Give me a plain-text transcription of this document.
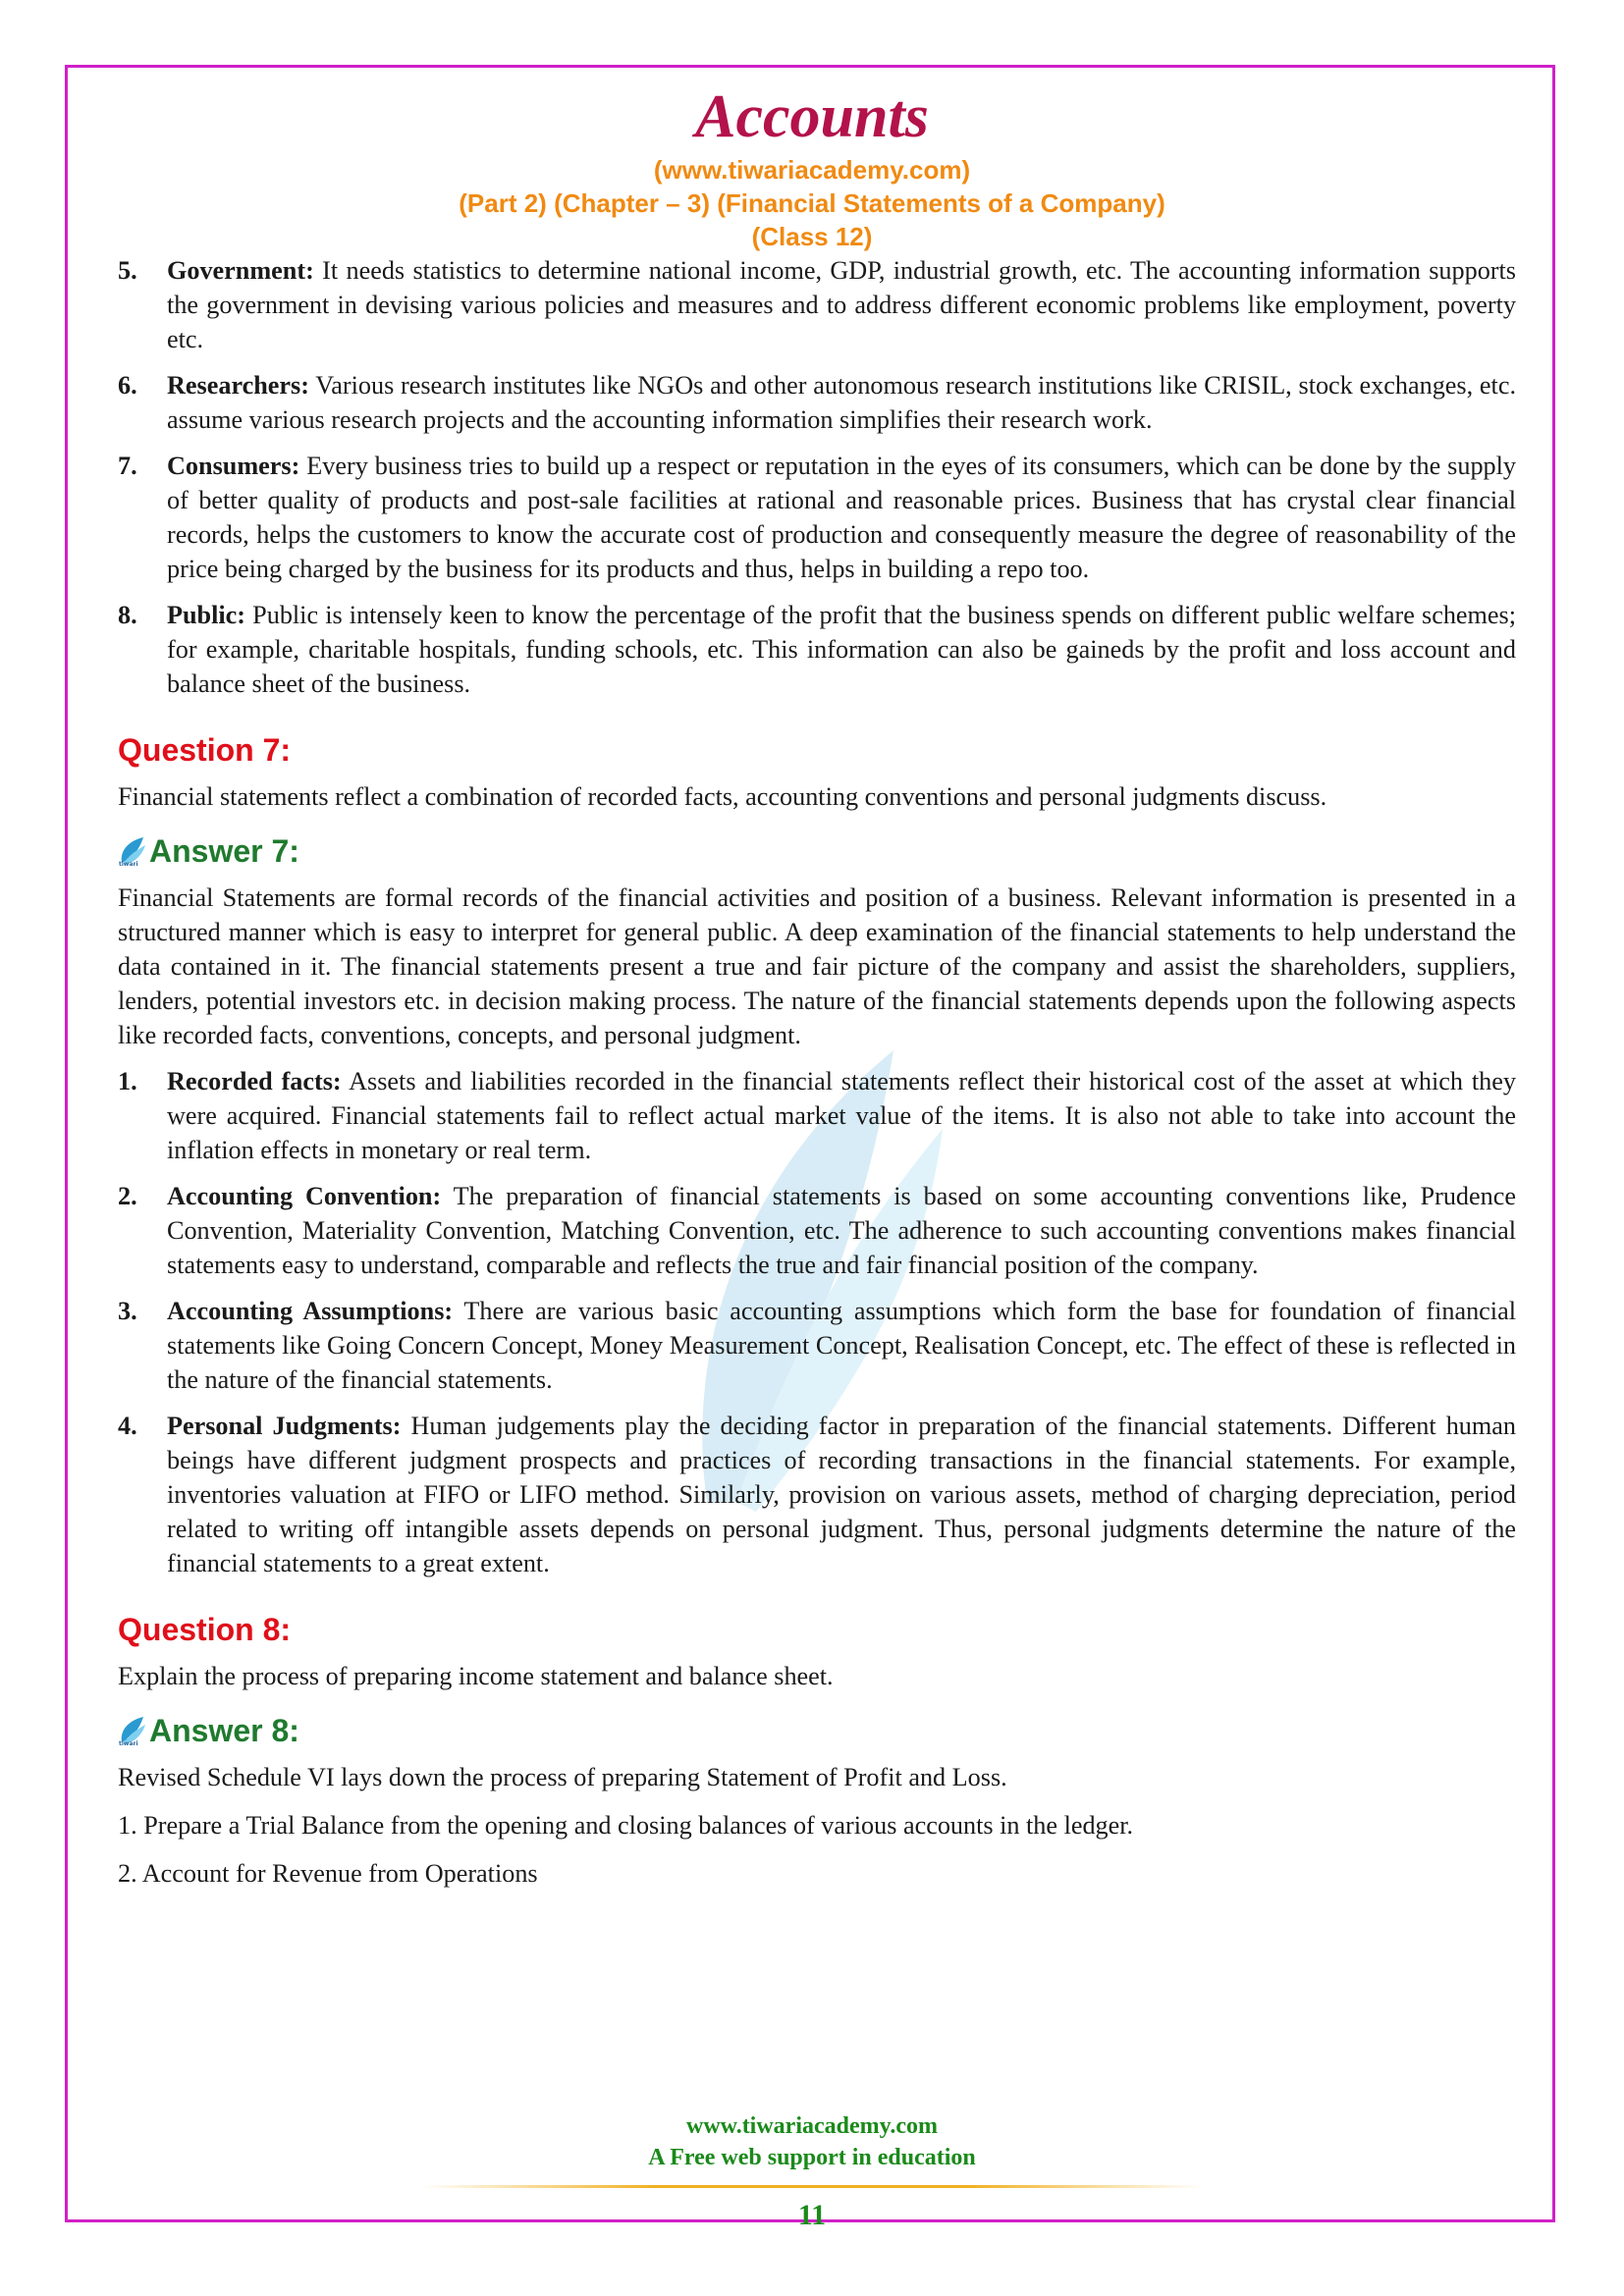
Accounts

(www.tiwariacademy.com)

(Part 2) (Chapter – 3) (Financial Statements of a Company)

(Class 12)

5. Government: It needs statistics to determine national income, GDP, industrial growth, etc. The accounting information supports the government in devising various policies and measures and to address different economic problems like employment, poverty etc.
6. Researchers: Various research institutes like NGOs and other autonomous research institutions like CRISIL, stock exchanges, etc. assume various research projects and the accounting information simplifies their research work.
7. Consumers: Every business tries to build up a respect or reputation in the eyes of its consumers, which can be done by the supply of better quality of products and post-sale facilities at rational and reasonable prices. Business that has crystal clear financial records, helps the customers to know the accurate cost of production and consequently measure the degree of reasonability of the price being charged by the business for its products and thus, helps in building a repo too.
8. Public: Public is intensely keen to know the percentage of the profit that the business spends on different public welfare schemes; for example, charitable hospitals, funding schools, etc. This information can also be gaineds by the profit and loss account and balance sheet of the business.
Question 7:

Financial statements reflect a combination of recorded facts, accounting conventions and personal judgments discuss.

tiwari Answer 7:

Financial Statements are formal records of the financial activities and position of a business. Relevant information is presented in a structured manner which is easy to interpret for general public. A deep examination of the financial statements to help understand the data contained in it. The financial statements present a true and fair picture of the company and assist the shareholders, suppliers, lenders, potential investors etc. in decision making process. The nature of the financial statements depends upon the following aspects like recorded facts, conventions, concepts, and personal judgment.

1. Recorded facts: Assets and liabilities recorded in the financial statements reflect their historical cost of the asset at which they were acquired. Financial statements fail to reflect actual market value of the items. It is also not able to take into account the inflation effects in monetary or real term.
2. Accounting Convention: The preparation of financial statements is based on some accounting conventions like, Prudence Convention, Materiality Convention, Matching Convention, etc. The adherence to such accounting conventions makes financial statements easy to understand, comparable and reflects the true and fair financial position of the company.
3. Accounting Assumptions: There are various basic accounting assumptions which form the base for foundation of financial statements like Going Concern Concept, Money Measurement Concept, Realisation Concept, etc. The effect of these is reflected in the nature of the financial statements.
4. Personal Judgments: Human judgements play the deciding factor in preparation of the financial statements. Different human beings have different judgment prospects and practices of recording transactions in the financial statements. For example, inventories valuation at FIFO or LIFO method. Similarly, provision on various assets, method of charging depreciation, period related to writing off intangible assets depends on personal judgment. Thus, personal judgments determine the nature of the financial statements to a great extent.
Question 8:

Explain the process of preparing income statement and balance sheet.

tiwari Answer 8:

Revised Schedule VI lays down the process of preparing Statement of Profit and Loss.

1. Prepare a Trial Balance from the opening and closing balances of various accounts in the ledger.

2. Account for Revenue from Operations

www.tiwariacademy.com
A Free web support in education
11
